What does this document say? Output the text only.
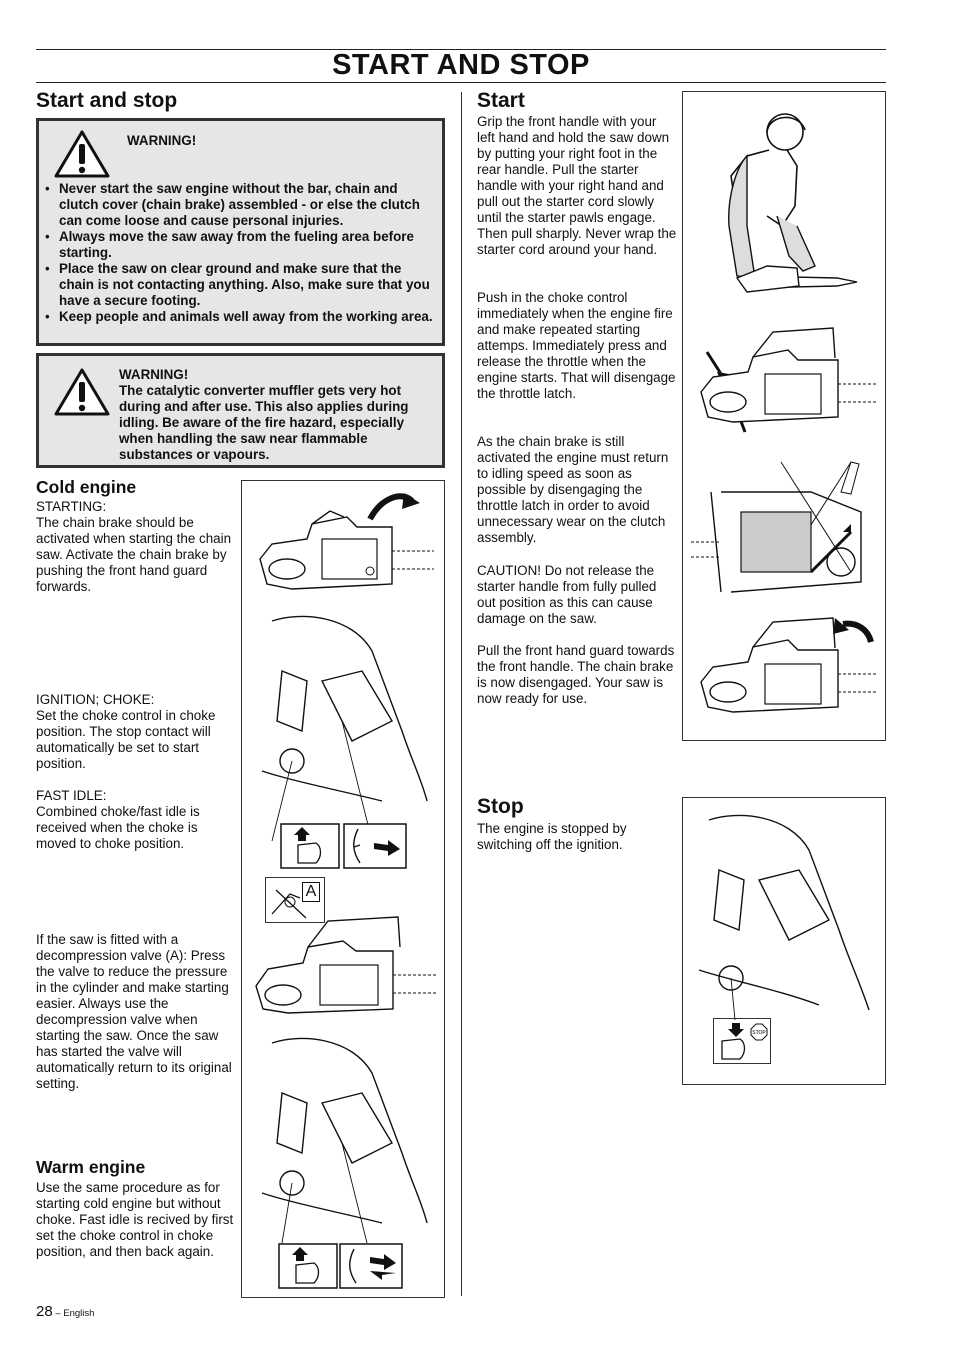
START AND STOP
Start and stop
WARNING!
• Never start the saw engine without the bar, chain and clutch cover (chain brake) assembled - or else the clutch can come loose and cause personal injuries.
• Always move the saw away from the fueling area before starting.
• Place the saw on clear ground and make sure that the chain is not contacting anything. Also, make sure that you have a secure footing.
• Keep people and animals well away from the working area.
WARNING!
The catalytic converter muffler gets very hot during and after use. This also applies during idling. Be aware of the fire hazard, especially when handling the saw near flammable substances or vapours.
Cold engine
STARTING:
The chain brake should be activated when starting the chain saw. Activate the chain brake by pushing the front hand guard forwards.
IGNITION; CHOKE:
Set the choke control in choke position. The stop contact will automatically be set to start position.
FAST IDLE:
Combined choke/fast idle is received when the choke is moved to choke position.
If the saw is fitted with a decompression valve (A): Press the valve to reduce the pressure in the cylinder and make starting easier. Always use the decompression valve when starting the saw. Once the saw has started the valve will automatically return to its original setting.
Warm engine
Use the same procedure as for starting cold engine but without choke. Fast idle is recived by first set the choke control in choke position, and then back again.
A
Start
Grip the front handle with your left hand and hold the saw down by putting your right foot in the rear handle. Pull the starter handle with your right hand and pull out the starter cord slowly until the starter pawls engage. Then pull sharply. Never wrap the starter cord around your hand.
Push in the choke control immediately when the engine fire and make repeated starting attemps. Immediately press and release the throttle when the engine starts. That will disengage the throttle latch.
As the chain brake is still activated the engine must return to idling speed as soon as possible by disengaging the throttle latch in order to avoid unnecessary wear on the clutch assembly.
CAUTION! Do not release the starter handle from fully pulled out position as this can cause damage on the saw.
Pull the front hand guard towards the front handle. The chain brake is now disengaged. Your saw is now ready for use.
Stop
The engine is stopped by switching off the ignition.
STOP
28 – English
